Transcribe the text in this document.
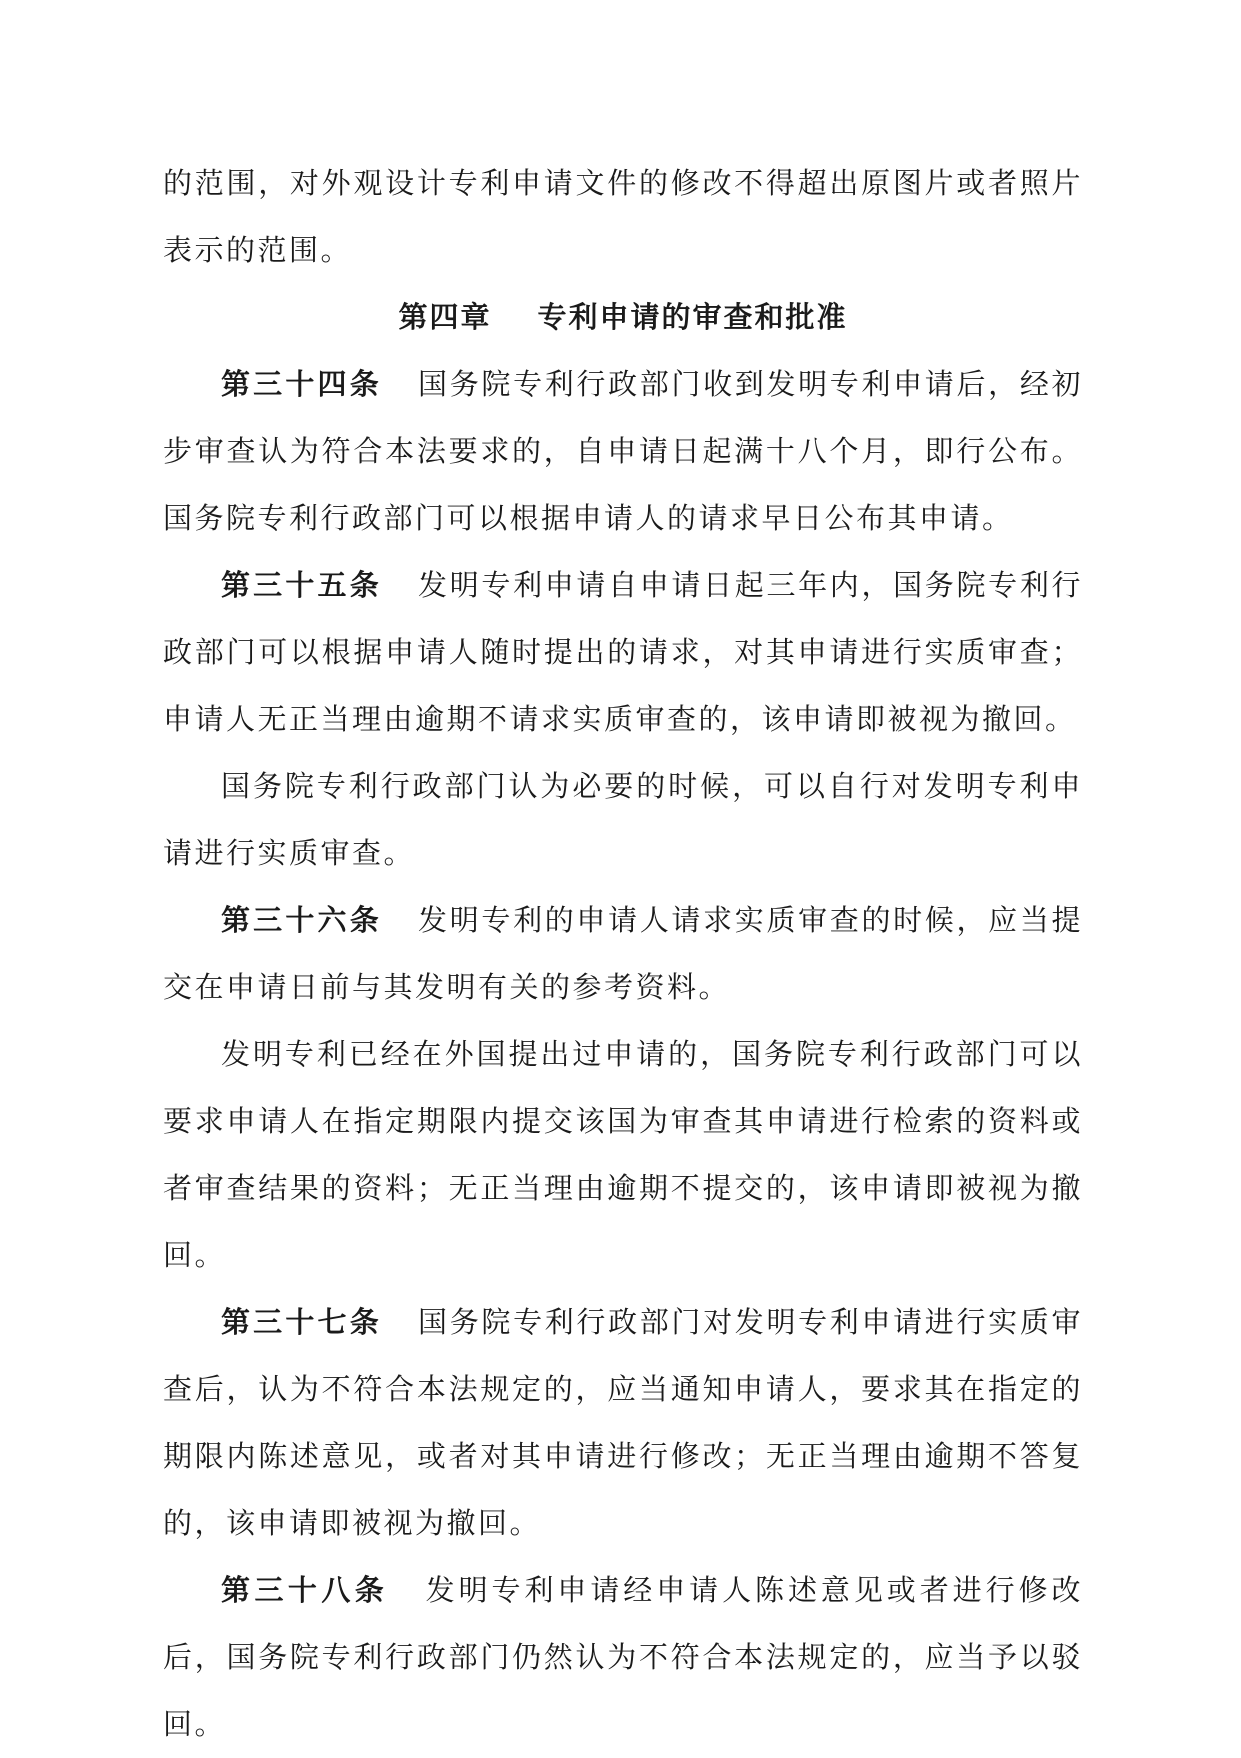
的范围，对外观设计专利申请文件的修改不得超出原图片或者照片表示的范围。

第四章 专利申请的审查和批准

第三十四条 国务院专利行政部门收到发明专利申请后，经初步审查认为符合本法要求的，自申请日起满十八个月，即行公布。国务院专利行政部门可以根据申请人的请求早日公布其申请。

第三十五条 发明专利申请自申请日起三年内，国务院专利行政部门可以根据申请人随时提出的请求，对其申请进行实质审查；申请人无正当理由逾期不请求实质审查的，该申请即被视为撤回。

国务院专利行政部门认为必要的时候，可以自行对发明专利申请进行实质审查。

第三十六条 发明专利的申请人请求实质审查的时候，应当提交在申请日前与其发明有关的参考资料。

发明专利已经在外国提出过申请的，国务院专利行政部门可以要求申请人在指定期限内提交该国为审查其申请进行检索的资料或者审查结果的资料；无正当理由逾期不提交的，该申请即被视为撤回。

第三十七条 国务院专利行政部门对发明专利申请进行实质审查后，认为不符合本法规定的，应当通知申请人，要求其在指定的期限内陈述意见，或者对其申请进行修改；无正当理由逾期不答复的，该申请即被视为撤回。

第三十八条 发明专利申请经申请人陈述意见或者进行修改后，国务院专利行政部门仍然认为不符合本法规定的，应当予以驳回。
